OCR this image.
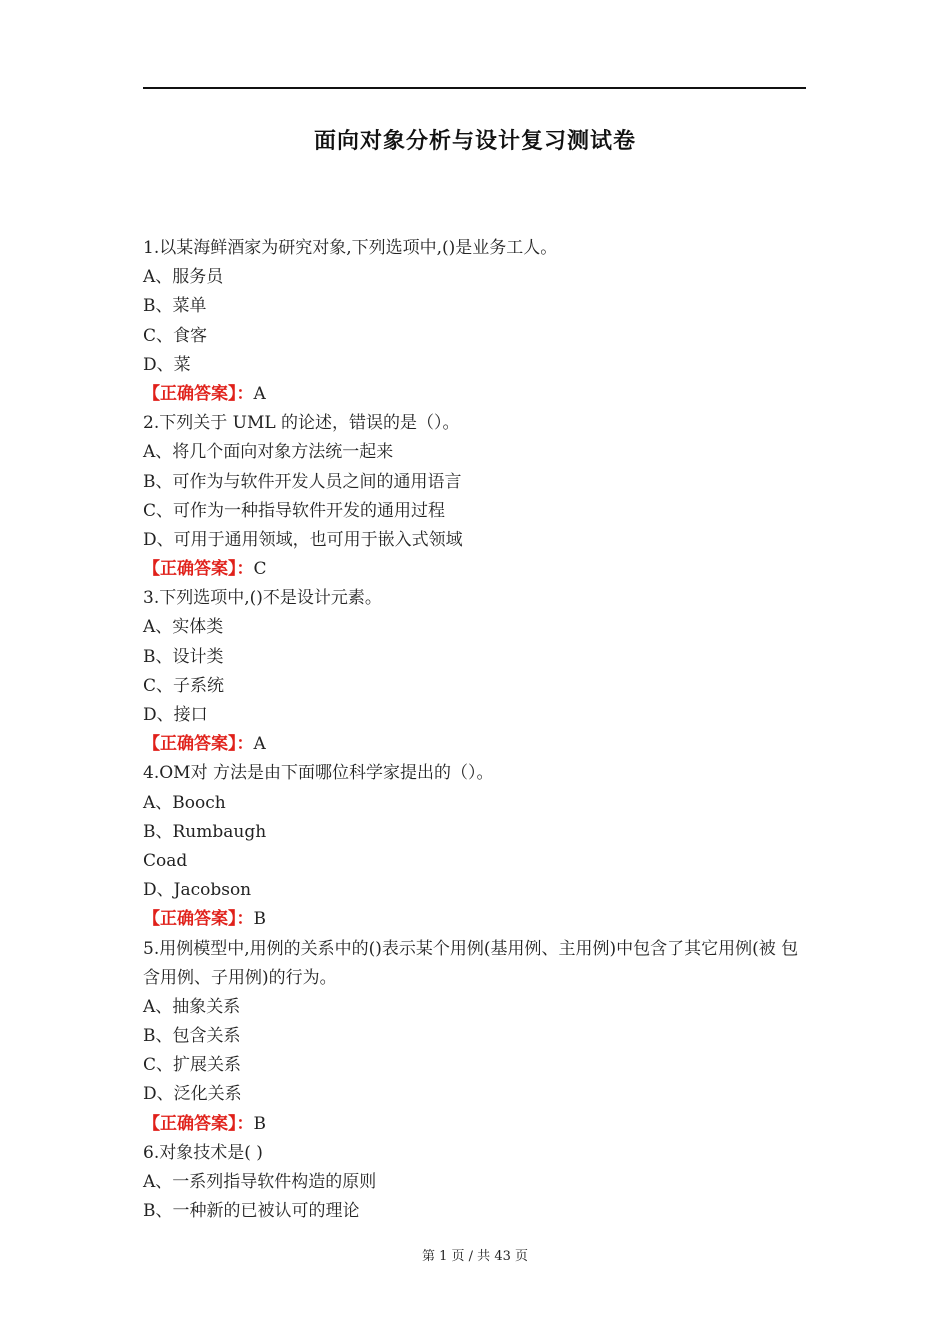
面向对象分析与设计复习测试卷
1.以某海鲜酒家为研究对象,下列选项中,()是业务工人。
A、服务员
B、菜单
C、食客
D、菜
【正确答案】：A
2.下列关于 UML 的论述，错误的是（）。
A、将几个面向对象方法统一起来
B、可作为与软件开发人员之间的通用语言
C、可作为一种指导软件开发的通用过程
D、可用于通用领域，也可用于嵌入式领域
【正确答案】：C
3.下列选项中,()不是设计元素。
A、实体类
B、设计类
C、子系统
D、接口
【正确答案】：A
4.OM对 方法是由下面哪位科学家提出的（）。
A、Booch
B、Rumbaugh
Coad
D、Jacobson
【正确答案】：B
5.用例模型中,用例的关系中的()表示某个用例(基用例、主用例)中包含了其它用例(被 包含用例、子用例)的行为。
A、抽象关系
B、包含关系
C、扩展关系
D、泛化关系
【正确答案】：B
6.对象技术是( )
A、一系列指导软件构造的原则
B、一种新的已被认可的理论
第 1 页 / 共 43 页
